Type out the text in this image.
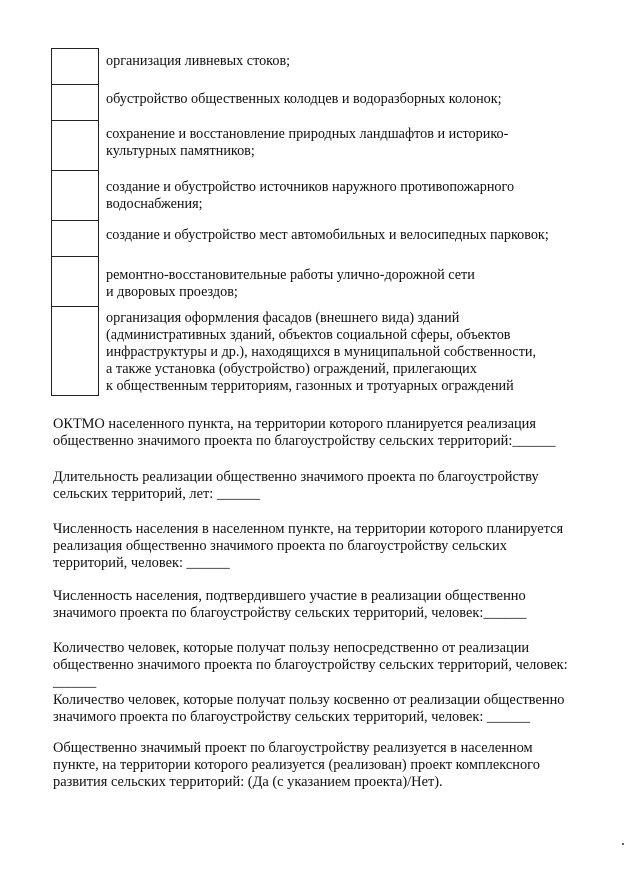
организация ливневых стоков;
обустройство общественных колодцев и водоразборных колонок;
сохранение и восстановление природных ландшафтов и историко-
культурных памятников;
создание и обустройство источников наружного противопожарного
водоснабжения;
создание и обустройство мест автомобильных и велосипедных парковок;
ремонтно-восстановительные работы улично-дорожной сети
и дворовых проездов;
организация оформления фасадов (внешнего вида) зданий
(административных зданий, объектов социальной сферы, объектов
инфраструктуры и др.), находящихся в муниципальной собственности,
а также установка (обустройство) ограждений, прилегающих
к общественным территориям, газонных и тротуарных ограждений
ОКТМО населенного пункта, на территории которого планируется реализация
общественно значимого проекта по благоустройству сельских территорий:______
Длительность реализации общественно значимого проекта по благоустройству
сельских территорий, лет: ______
Численность населения в населенном пункте, на территории которого планируется
реализация общественно значимого проекта по благоустройству сельских
территорий, человек: ______
Численность населения, подтвердившего участие в реализации общественно
значимого проекта по благоустройству сельских территорий, человек:______
Количество человек, которые получат пользу непосредственно от реализации
общественно значимого проекта по благоустройству сельских территорий, человек:
______
Количество человек, которые получат пользу косвенно от реализации общественно
значимого проекта по благоустройству сельских территорий, человек: ______
Общественно значимый проект по благоустройству реализуется в населенном
пункте, на территории которого реализуется (реализован) проект комплексного
развития сельских территорий: (Да (с указанием проекта)/Нет).
